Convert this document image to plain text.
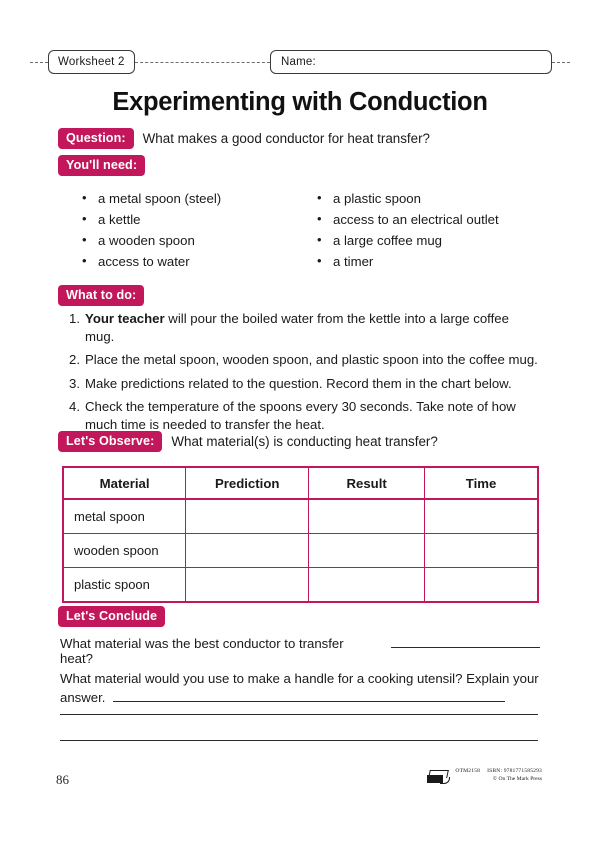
Worksheet 2	Name:
Experimenting with Conduction
Question:	What makes a good conductor for heat transfer?
You'll need:
• a metal spoon (steel)
• a kettle
• a wooden spoon
• access to water
• a plastic spoon
• access to an electrical outlet
• a large coffee mug
• a timer
What to do:
1. Your teacher will pour the boiled water from the kettle into a large coffee mug.
2. Place the metal spoon, wooden spoon, and plastic spoon into the coffee mug.
3. Make predictions related to the question. Record them in the chart below.
4. Check the temperature of the spoons every 30 seconds. Take note of how much time is needed to transfer the heat.
Let's Observe:	What material(s) is conducting heat transfer?
Material	Prediction	Result	Time
metal spoon			
wooden spoon			
plastic spoon			
Let's Conclude
What material was the best conductor to transfer heat?
What material would you use to make a handle for a cooking utensil? Explain your answer.
86
OTM2158 ISBN: 9781771585293
© On The Mark Press
